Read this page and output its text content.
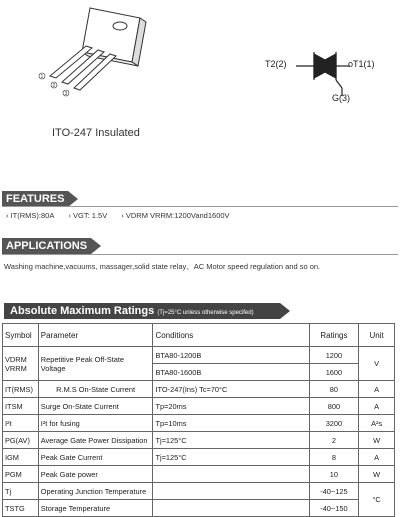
1
2
3
ITO-247 Insulated
T2(2)	oT1(1)
G(3)
FEATURES
› IT(RMS):80A › VGT: 1.5V › VDRM VRRM:1200Vand1600V
APPLICATIONS
Washing machine,vacuums, massager,solid state relay、AC Motor speed regulation and so on.
Absolute Maximum Ratings (Tj=25°C unless otherwise specifed)
Symbol	Parameter	Conditions	Ratings	Unit
VDRM VRRM	Repetitive Peak Off-State Voltage	BTA80-1200B	1200	V
		BTA80-1600B	1600	
IT(RMS)	R.M.S On-State Current	ITO-247(Ins) Tc=70°C	80	A
ITSM	Surge On-State Current	Tp=20ms	800	A
I²t	I²t for fusing	Tp=10ms	3200	A²s
PG(AV)	Average Gate Power Dissipation	Tj=125°C	2	W
IGM	Peak Gate Current	Tj=125°C	8	A
PGM	Peak Gate power		10	W
Tj	Operating Junction Temperature		-40~125	°C
TSTG	Storage Temperature		-40~150	
